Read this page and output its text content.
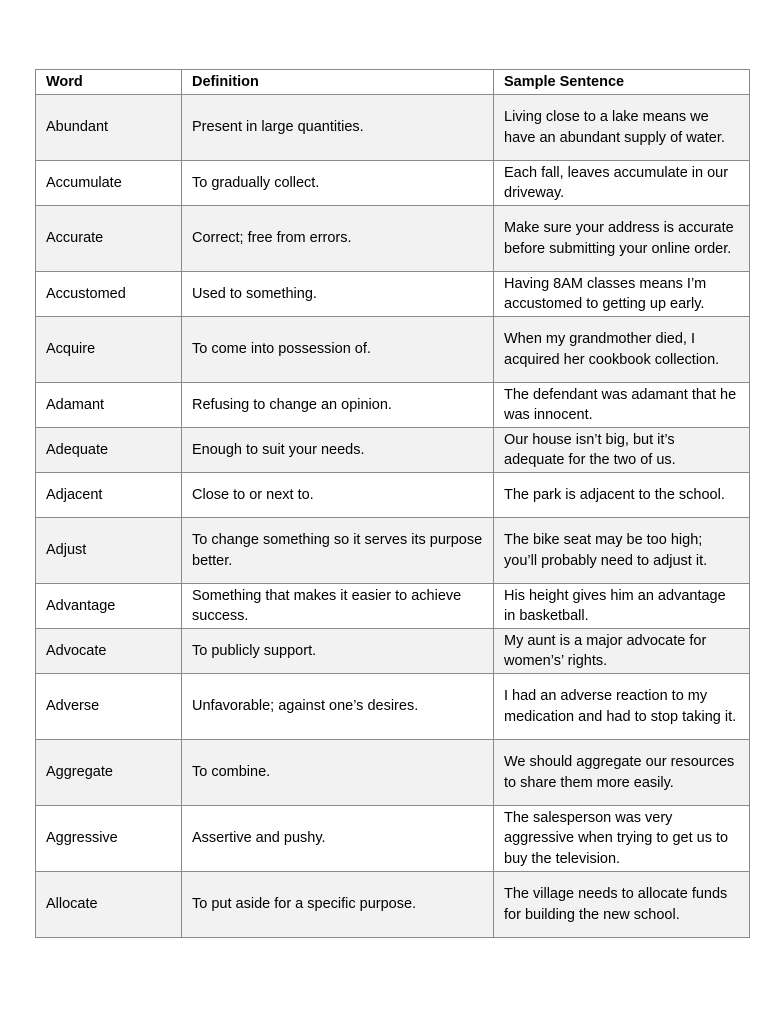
Word	Definition	Sample Sentence
Abundant	Present in large quantities.	Living close to a lake means we have an abundant supply of water.
Accumulate	To gradually collect.	Each fall, leaves accumulate in our driveway.
Accurate	Correct; free from errors.	Make sure your address is accurate before submitting your online order.
Accustomed	Used to something.	Having 8AM classes means I’m accustomed to getting up early.
Acquire	To come into possession of.	When my grandmother died, I acquired her cookbook collection.
Adamant	Refusing to change an opinion.	The defendant was adamant that he was innocent.
Adequate	Enough to suit your needs.	Our house isn’t big, but it’s adequate for the two of us.
Adjacent	Close to or next to.	The park is adjacent to the school.
Adjust	To change something so it serves its purpose better.	The bike seat may be too high; you’ll probably need to adjust it.
Advantage	Something that makes it easier to achieve success.	His height gives him an advantage in basketball.
Advocate	To publicly support.	My aunt is a major advocate for women’s’ rights.
Adverse	Unfavorable; against one’s desires.	I had an adverse reaction to my medication and had to stop taking it.
Aggregate	To combine.	We should aggregate our resources to share them more easily.
Aggressive	Assertive and pushy.	The salesperson was very aggressive when trying to get us to buy the television.
Allocate	To put aside for a specific purpose.	The village needs to allocate funds for building the new school.
